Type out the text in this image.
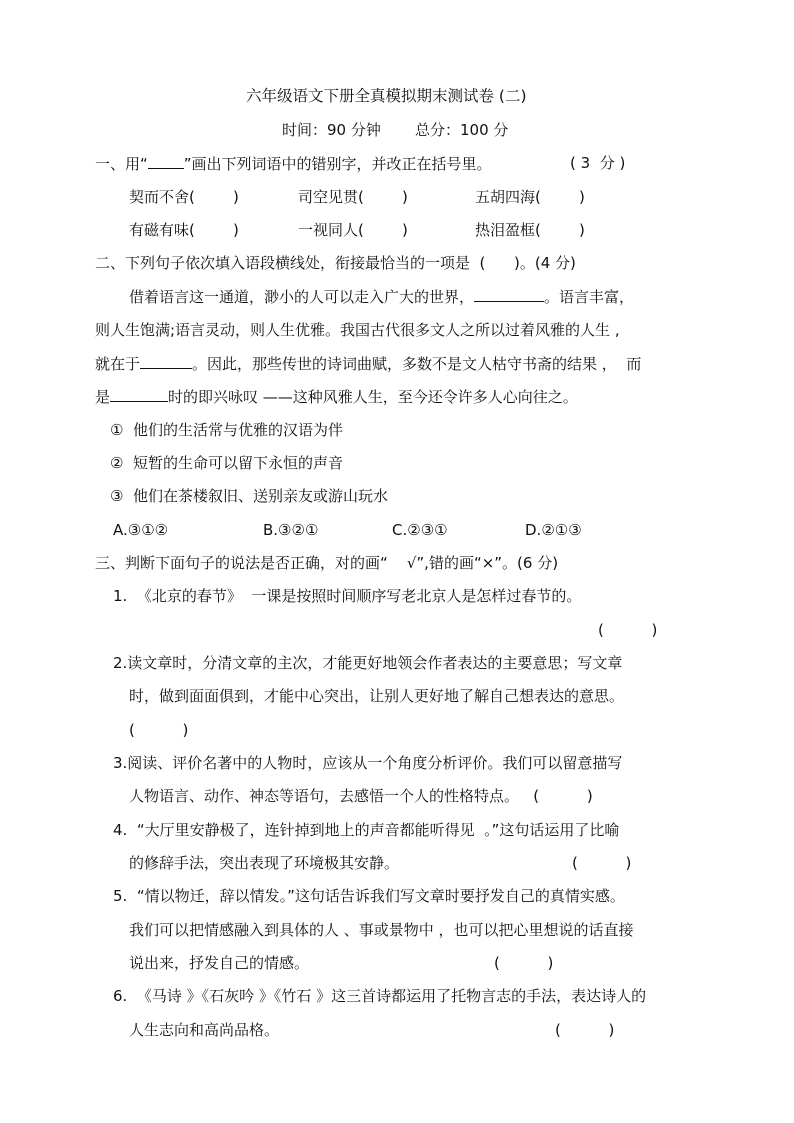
六年级语文下册全真模拟期末测试卷 (二)
时间：90 分钟 总分：100 分
一、用“ ”画出下列词语中的错别字，并改正在括号里。	( 3  分 )
契而不舍(        )	司空见贯(        )	五胡四海(        )
有磁有味(        )	一视同人(        )	热泪盈框(        )
二、下列句子依次填入语段横线处，衔接最恰当的一项是  (      )。(4 分)
借着语言这一通道，渺小的人可以走入广大的世界，	。语言丰富，
则人生饱满;语言灵动，则人生优雅。我国古代很多文人之所以过着风雅的人生 ,
就在于	。因此，那些传世的诗词曲赋，多数不是文人枯守书斋的结果 ，  而
是	时的即兴咏叹 ——这种风雅人生，至今还令许多人心向往之。
①  他们的生活常与优雅的汉语为伴
②  短暂的生命可以留下永恒的声音
③  他们在茶楼叙旧、送别亲友或游山玩水
A.③①②	B.③②①	C.②③①	D.②①③
三、判断下面句子的说法是否正确，对的画“    √”,错的画“×”。(6 分)
1.  《北京的春节》  一课是按照时间顺序写老北京人是怎样过春节的。
(          )
2.读文章时，分清文章的主次，才能更好地领会作者表达的主要意思；写文章
时，做到面面俱到，才能中心突出，让别人更好地了解自己想表达的意思。
(          )
3.阅读、评价名著中的人物时，应该从一个角度分析评价。我们可以留意描写
人物语言、动作、神态等语句，去感悟一个人的性格特点。   (          )
4.  “大厅里安静极了，连针掉到地上的声音都能听得见  。”这句话运用了比喻
的修辞手法，突出表现了环境极其安静。	(          )
5.  “情以物迁，辞以情发。”这句话告诉我们写文章时要抒发自己的真情实感。
我们可以把情感融入到具体的人 、事或景物中 ，也可以把心里想说的话直接
说出来，抒发自己的情感。	(          )
6.  《马诗 》《石灰吟 》《竹石 》这三首诗都运用了托物言志的手法，表达诗人的
人生志向和高尚品格。	(          )
